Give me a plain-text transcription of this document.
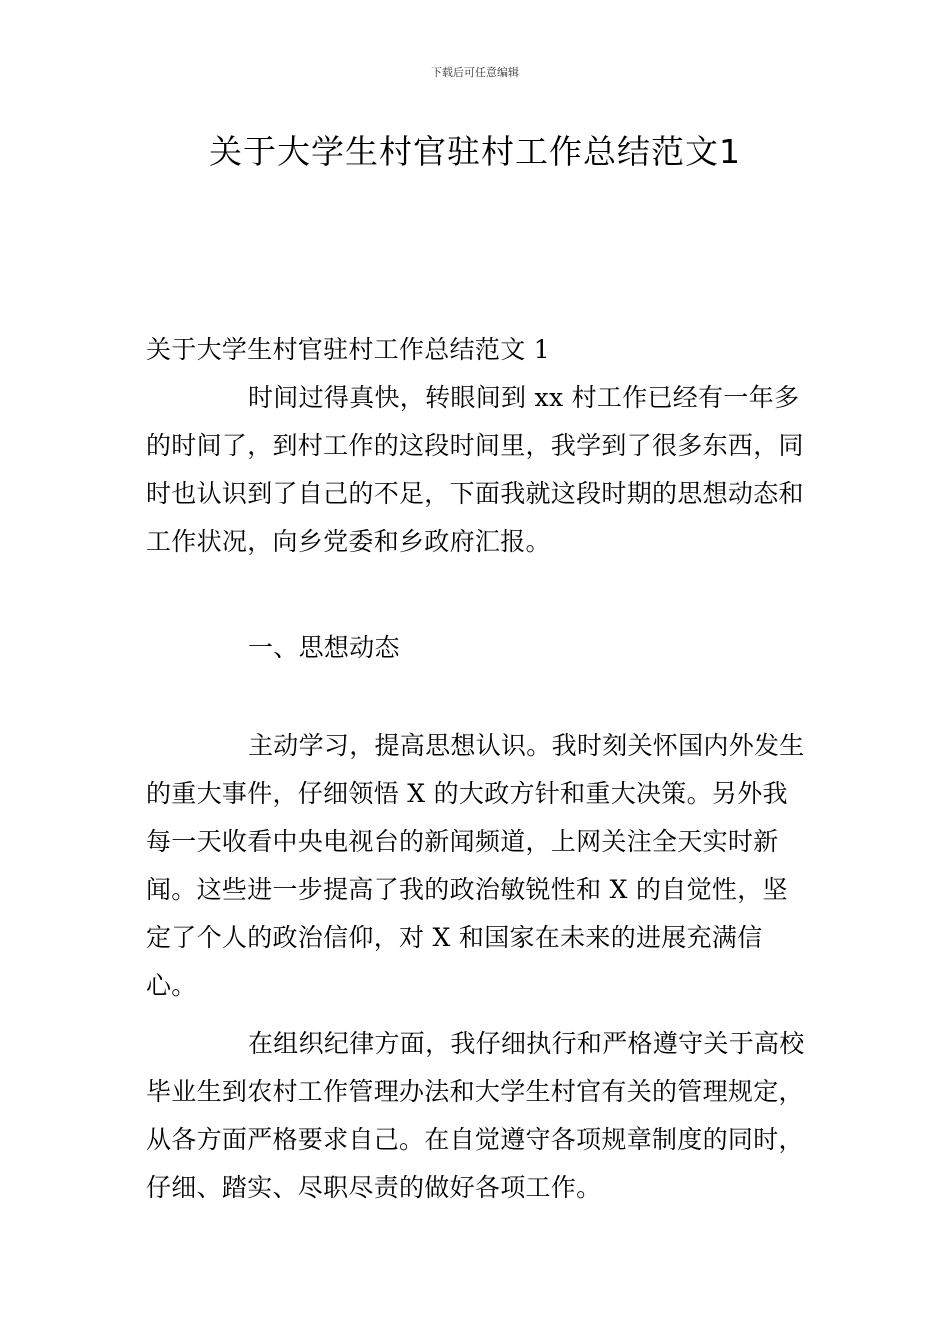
下载后可任意编辑
关于大学生村官驻村工作总结范文1
关于大学生村官驻村工作总结范文 1

时间过得真快，转眼间到 xx 村工作已经有一年多的时间了，到村工作的这段时间里，我学到了很多东西，同时也认识到了自己的不足，下面我就这段时期的思想动态和工作状况，向乡党委和乡政府汇报。

一、思想动态

主动学习，提高思想认识。我时刻关怀国内外发生的重大事件，仔细领悟 X 的大政方针和重大决策。另外我每一天收看中央电视台的新闻频道，上网关注全天实时新闻。这些进一步提高了我的政治敏锐性和 X 的自觉性，坚定了个人的政治信仰，对 X 和国家在未来的进展充满信心。

在组织纪律方面，我仔细执行和严格遵守关于高校毕业生到农村工作管理办法和大学生村官有关的管理规定，从各方面严格要求自己。在自觉遵守各项规章制度的同时，仔细、踏实、尽职尽责的做好各项工作。
